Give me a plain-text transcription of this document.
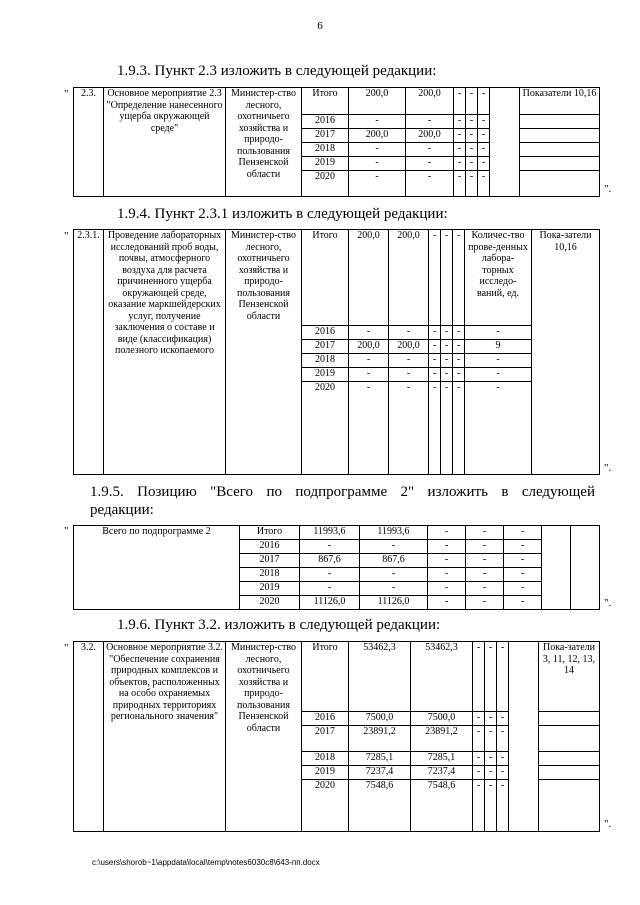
6
1.9.3. Пункт 2.3 изложить в следующей редакции:
" 2.3.	Основное мероприятие 2.3 "Определение нанесенного ущерба окружающей среде"	Министер-ство лесного, охотничьего хозяйства и природо-пользования Пензенской области	Итого	200,0	200,0	-	-	-		Показатели 10,16
			2016	-	-	-	-	-		
			2017	200,0	200,0	-	-	-		
			2018	-	-	-	-	-		
			2019	-	-	-	-	-		
			2020	-	-	-	-	-		
".
1.9.4. Пункт 2.3.1 изложить в следующей редакции:
" 2.3.1.	Проведение лабораторных исследований проб воды, почвы, атмосферного воздуха для расчета причиненного ущерба окружающей среде, оказание маркшейдерских услуг, получение заключения о составе и виде (классификация) полезного ископаемого	Министер-ство лесного, охотничьего хозяйства и природо-пользования Пензенской области	Итого	200,0	200,0	-	-	-	Количес-тво прове-денных лабора-торных исследо-ваний, ед.	Пока-затели 10,16
			2016	-	-	-	-	-	-	
			2017	200,0	200,0	-	-	-	9	
			2018	-	-	-	-	-	-	
			2019	-	-	-	-	-	-	
			2020	-	-	-	-	-	-	
".
1.9.5. Позицию "Всего по подпрограмме 2" изложить в следующей
редакции:
"	Всего по подпрограмме 2	Итого	11993,6	11993,6	-	-	-		
	2016	-	-	-	-	-		
	2017	867,6	867,6	-	-	-		
	2018	-	-	-	-	-		
	2019	-	-	-	-	-		
	2020	11126,0	11126,0	-	-	-			".
1.9.6. Пункт 3.2. изложить в следующей редакции:
" 3.2.	Основное мероприятие 3.2. "Обеспечение сохранения природных комплексов и объектов, расположенных на особо охраняемых природных территориях регионального значения"	Министер-ство лесного, охотничьего хозяйства и природо-пользования Пензенской области	Итого	53462,3	53462,3	-	-	-		Пока-затели 3, 11, 12, 13, 14
			2016	7500,0	7500,0	-	-	-		
			2017	23891,2	23891,2	-	-	-		
			2018	7285,1	7285,1	-	-	-		
			2019	7237,4	7237,4	-	-	-		
			2020	7548,6	7548,6	-	-	-		
".
c:\users\shorob~1\appdata\local\temp\notes6030c8\643-пп.docx
